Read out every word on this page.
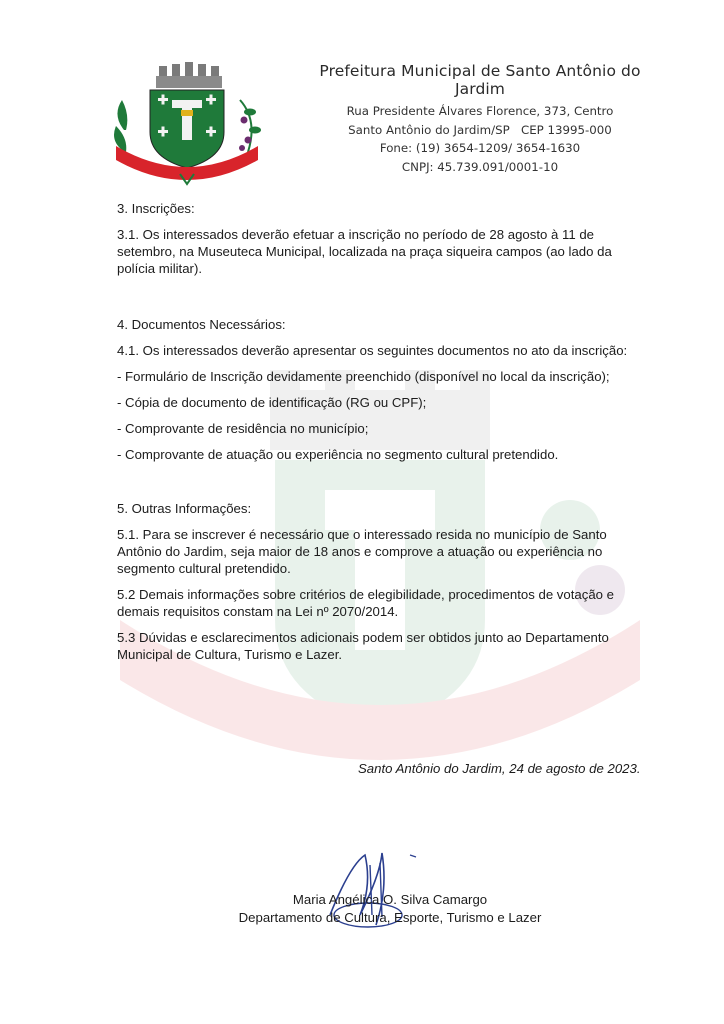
Prefeitura Municipal de Santo Antônio do Jardim
Rua Presidente Álvares Florence, 373, Centro
Santo Antônio do Jardim/SP   CEP 13995-000
Fone: (19) 3654-1209/ 3654-1630
CNPJ: 45.739.091/0001-10

3. Inscrições:

3.1. Os interessados deverão efetuar a inscrição no período de 28 agosto à 11 de setembro, na Museuteca Municipal, localizada na praça siqueira campos (ao lado da polícia militar).

4. Documentos Necessários:

4.1. Os interessados deverão apresentar os seguintes documentos no ato da inscrição:

- Formulário de Inscrição devidamente preenchido (disponível no local da inscrição);

- Cópia de documento de identificação (RG ou CPF);

- Comprovante de residência no município;

- Comprovante de atuação ou experiência no segmento cultural pretendido.

5. Outras Informações:

5.1. Para se inscrever é necessário que o interessado resida no município de Santo Antônio do Jardim, seja maior de 18 anos e comprove a atuação ou experiência no segmento cultural pretendido.

5.2 Demais informações sobre critérios de elegibilidade, procedimentos de votação e demais requisitos constam na Lei nº 2070/2014.

5.3 Dúvidas e esclarecimentos adicionais podem ser obtidos junto ao Departamento Municipal de Cultura, Turismo e Lazer.

Santo Antônio do Jardim, 24 de agosto de 2023.
Maria Angélica O. Silva Camargo
Departamento de Cultura, Esporte, Turismo e Lazer
